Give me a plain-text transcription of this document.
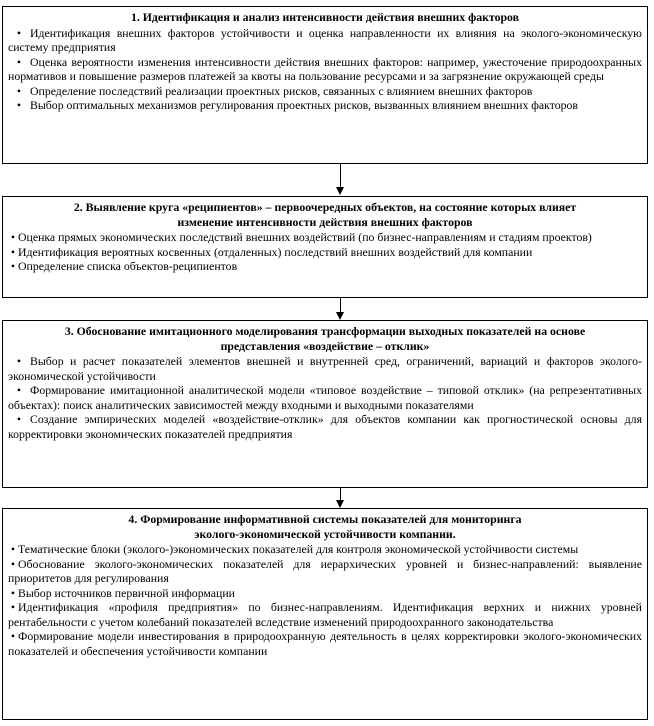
1. Идентификация и анализ интенсивности действия внешних факторов

• Идентификация внешних факторов устойчивости и оценка направленности их влияния на эколого-экономическую систему предприятия

• Оценка вероятности изменения интенсивности действия внешних факторов: например, ужесточение природоохранных нормативов и повышение размеров платежей за квоты на пользование ресурсами и за загрязнение окружающей среды

• Определение последствий реализации проектных рисков, связанных с влиянием внешних факторов

• Выбор оптимальных механизмов регулирования проектных рисков, вызванных влиянием внешних факторов

2. Выявление круга «реципиентов» – первоочередных объектов, на состояние которых влияет
изменение интенсивности действия внешних факторов

• Оценка прямых экономических последствий внешних воздействий (по бизнес-направлениям и стадиям проектов)

• Идентификация вероятных косвенных (отдаленных) последствий внешних воздействий для компании

• Определение списка объектов-реципиентов

3. Обоснование имитационного моделирования трансформации выходных показателей на основе
представления «воздействие – отклик»

• Выбор и расчет показателей элементов внешней и внутренней сред, ограничений, вариаций и факторов эколого-экономической устойчивости

• Формирование имитационной аналитической модели «типовое воздействие – типовой отклик» (на репрезентативных объектах): поиск аналитических зависимостей между входными и выходными показателями

• Создание эмпирических моделей «воздействие-отклик» для объектов компании как прогностической основы для корректировки экономических показателей предприятия

4. Формирование информативной системы показателей для мониторинга
эколого-экономической устойчивости компании.

• Тематические блоки (эколого-)экономических показателей для контроля экономической устойчивости системы

• Обоснование эколого-экономических показателей для иерархических уровней и бизнес-направлений: выявление приоритетов для регулирования

• Выбор источников первичной информации

• Идентификация «профиля предприятия» по бизнес-направлениям. Идентификация верхних и нижних уровней рентабельности с учетом колебаний показателей вследствие изменений природоохранного законодательства

• Формирование модели инвестирования в природоохранную деятельность в целях корректировки эколого-экономических показателей и обеспечения устойчивости компании
